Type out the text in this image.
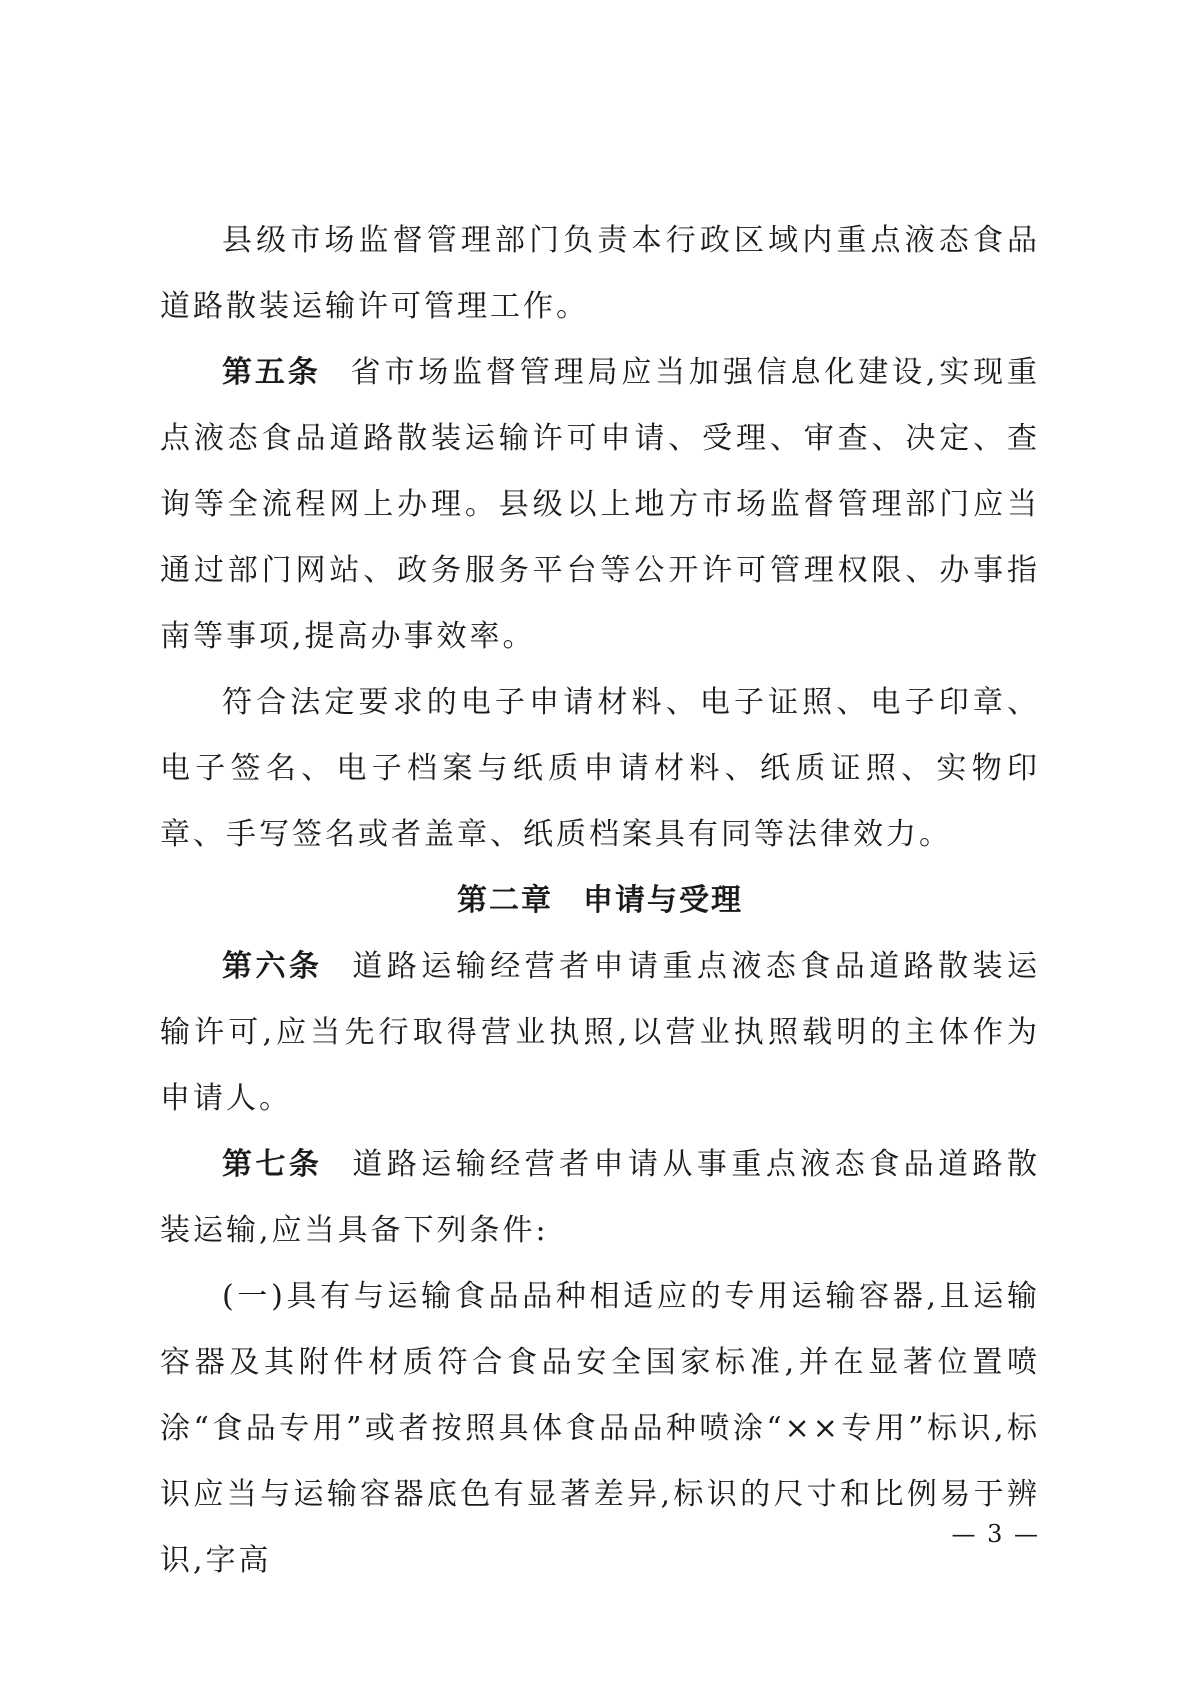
县级市场监督管理部门负责本行政区域内重点液态食品道路散装运输许可管理工作。

第五条 省市场监督管理局应当加强信息化建设,实现重点液态食品道路散装运输许可申请、受理、审查、决定、查询等全流程网上办理。县级以上地方市场监督管理部门应当通过部门网站、政务服务平台等公开许可管理权限、办事指南等事项,提高办事效率。

符合法定要求的电子申请材料、电子证照、电子印章、电子签名、电子档案与纸质申请材料、纸质证照、实物印章、手写签名或者盖章、纸质档案具有同等法律效力。

第二章 申请与受理

第六条 道路运输经营者申请重点液态食品道路散装运输许可,应当先行取得营业执照,以营业执照载明的主体作为申请人。

第七条 道路运输经营者申请从事重点液态食品道路散装运输,应当具备下列条件:

(一)具有与运输食品品种相适应的专用运输容器,且运输容器及其附件材质符合食品安全国家标准,并在显著位置喷涂“食品专用”或者按照具体食品品种喷涂“××专用”标识,标识应当与运输容器底色有显著差异,标识的尺寸和比例易于辨识,字高

— 3 —
